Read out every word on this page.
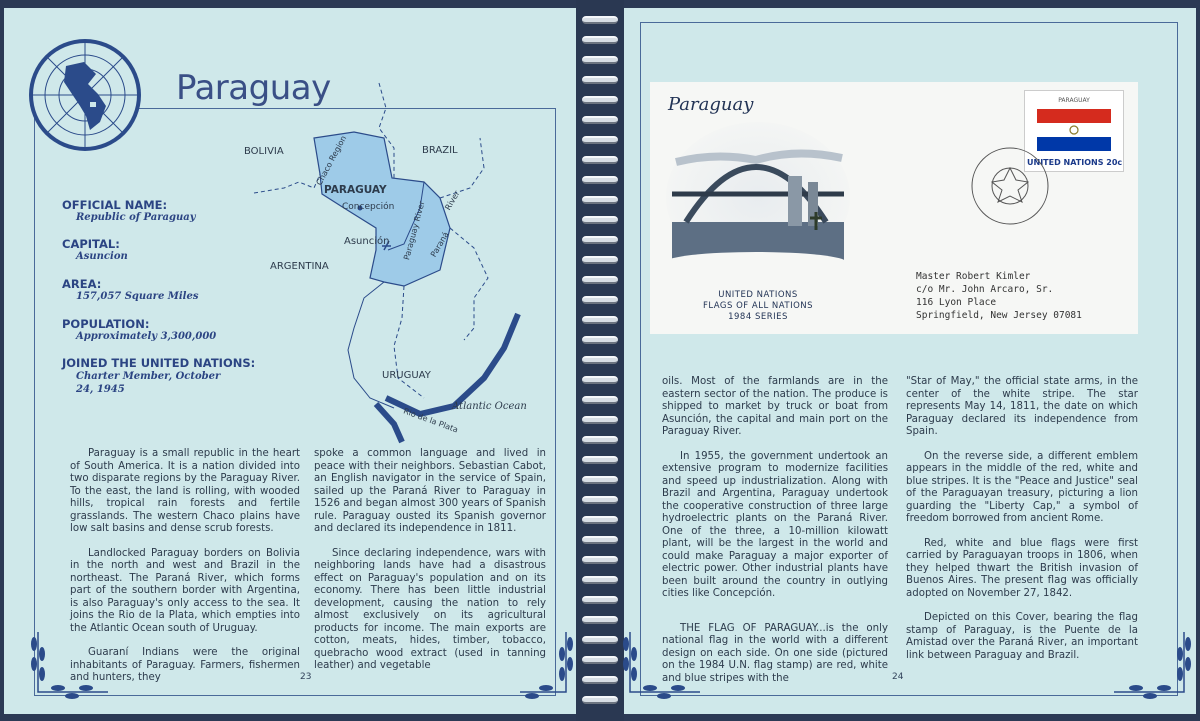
Paraguay
BOLIVIA	BRAZIL
PARAGUAY
Concepción
Asunción
ARGENTINA
URUGUAY
Atlantic Ocean
Rio de la Plata
Chaco Region
Paraguay River Paraná
River
OFFICIAL NAME:
Republic of Paraguay
CAPITAL:
Asuncion
AREA:
157,057 Square Miles
POPULATION:
Approximately 3,300,000
JOINED THE UNITED NATIONS:
Charter Member, October 24, 1945

Paraguay is a small republic in the heart of South America. It is a nation divided into two disparate regions by the Paraguay River. To the east, the land is rolling, with wooded hills, tropical rain forests and fertile grasslands. The western Chaco plains have low salt basins and dense scrub forests.

Landlocked Paraguay borders on Bolivia in the north and west and Brazil in the northeast. The Paraná River, which forms part of the southern border with Argentina, is also Paraguay's only access to the sea. It joins the Rio de la Plata, which empties into the Atlantic Ocean south of Uruguay.

Guaraní Indians were the original inhabitants of Paraguay. Farmers, fishermen and hunters, they

spoke a common language and lived in peace with their neighbors. Sebastian Cabot, an English navigator in the service of Spain, sailed up the Paraná River to Paraguay in 1526 and began almost 300 years of Spanish rule. Paraguay ousted its Spanish governor and declared its independence in 1811.

Since declaring independence, wars with neighboring lands have had a disastrous effect on Paraguay's population and on its economy. There has been little industrial development, causing the nation to rely almost exclusively on its agricultural products for income. The main exports are cotton, meats, hides, timber, tobacco, quebracho wood extract (used in tanning leather) and vegetable

23

oils. Most of the farmlands are in the eastern sector of the nation. The produce is shipped to market by truck or boat from Asunción, the capital and main port on the Paraguay River.

In 1955, the government undertook an extensive program to modernize facilities and speed up industrialization. Along with Brazil and Argentina, Paraguay undertook the cooperative construction of three large hydroelectric plants on the Paraná River. One of the three, a 10-million kilowatt plant, will be the largest in the world and could make Paraguay a major exporter of electric power. Other industrial plants have been built around the country in outlying cities like Concepción.

THE FLAG OF PARAGUAY...is the only national flag in the world with a different design on each side. On one side (pictured on the 1984 U.N. flag stamp) are red, white and blue stripes with the

"Star of May," the official state arms, in the center of the white stripe. The star represents May 14, 1811, the date on which Paraguay declared its independence from Spain.

On the reverse side, a different emblem appears in the middle of the red, white and blue stripes. It is the "Peace and Justice" seal of the Paraguayan treasury, picturing a lion guarding the "Liberty Cap," a symbol of freedom borrowed from ancient Rome.

Red, white and blue flags were first carried by Paraguayan troops in 1806, when they helped thwart the British invasion of Buenos Aires. The present flag was officially adopted on November 27, 1842.

Depicted on this Cover, bearing the flag stamp of Paraguay, is the Puente de la Amistad over the Paraná River, an important link between Paraguay and Brazil.

24
Paraguay
UNITED NATIONS
FLAGS OF ALL NATIONS
1984 SERIES
PARAGUAY
UNITED NATIONS 20c
Master Robert Kimler
c/o Mr. John Arcaro, Sr.
116 Lyon Place
Springfield, New Jersey 07081
